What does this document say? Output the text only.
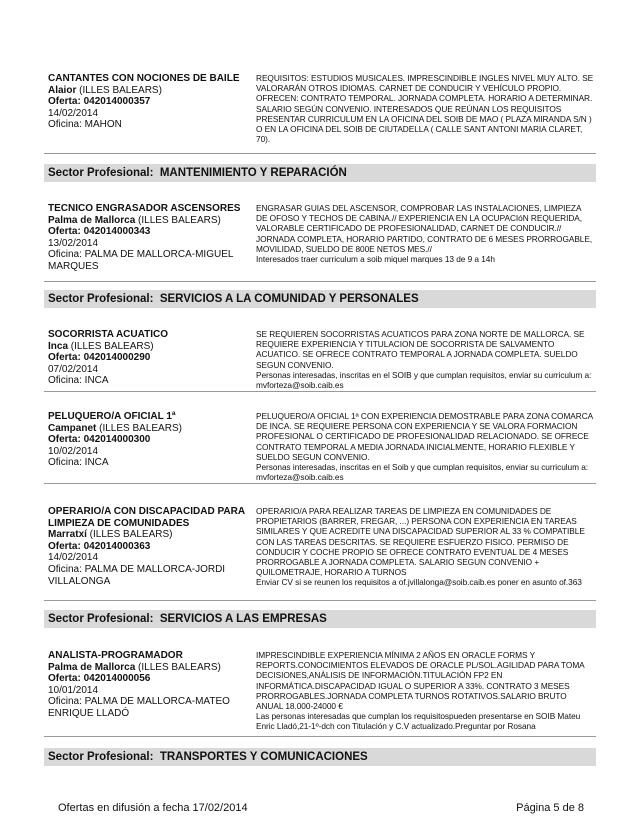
CANTANTES CON NOCIONES DE BAILE
Alaior (ILLES BALEARS)
Oferta: 042014000357
14/02/2014
Oficina: MAHON
REQUISITOS: ESTUDIOS MUSICALES. IMPRESCINDIBLE INGLES NIVEL MUY ALTO. SE VALORARÁN OTROS IDIOMAS. CARNET DE CONDUCIR Y VEHÍCULO PROPIO. OFRECEN: CONTRATO TEMPORAL. JORNADA COMPLETA. HORARIO A DETERMINAR. SALARIO SEGÚN CONVENIO. INTERESADOS QUE REÚNAN LOS REQUISITOS PRESENTAR CURRICULUM EN LA OFICINA DEL SOIB DE MAO ( PLAZA MIRANDA S/N ) O EN LA OFICINA DEL SOIB DE CIUTADELLA ( CALLE SANT ANTONI MARIA CLARET, 70).
Sector Profesional: MANTENIMIENTO Y REPARACIÓN
TECNICO ENGRASADOR ASCENSORES
Palma de Mallorca (ILLES BALEARS)
Oferta: 042014000343
13/02/2014
Oficina: PALMA DE MALLORCA-MIGUEL MARQUES
ENGRASAR GUIAS DEL ASCENSOR, COMPROBAR LAS INSTALACIONES, LIMPIEZA DE OFOSO Y TECHOS DE CABINA.// EXPERIENCIA EN LA OCUPACIóN REQUERIDA, VALORABLE CERTIFICADO DE PROFESIONALIDAD, CARNET DE CONDUCIR.// JORNADA COMPLETA, HORARIO PARTIDO, CONTRATO DE 6 MESES PRORROGABLE, MOVILIDAD, SUELDO DE 800E NETOS MES.//
Interesados traer curriculum a soib miquel marques 13 de 9 a 14h
Sector Profesional: SERVICIOS A LA COMUNIDAD Y PERSONALES
SOCORRISTA ACUATICO
Inca (ILLES BALEARS)
Oferta: 042014000290
07/02/2014
Oficina: INCA
SE REQUIEREN SOCORRISTAS ACUATICOS PARA ZONA NORTE DE MALLORCA. SE REQUIERE EXPERIENCIA Y TITULACION DE SOCORRISTA DE SALVAMENTO ACUATICO. SE OFRECE CONTRATO TEMPORAL A JORNADA COMPLETA. SUELDO SEGUN CONVENIO.
Personas interesadas, inscritas en el SOIB y que cumplan requisitos, enviar su curriculum a: mvforteza@soib.caib.es
PELUQUERO/A OFICIAL 1ª
Campanet (ILLES BALEARS)
Oferta: 042014000300
10/02/2014
Oficina: INCA
PELUQUERO/A OFICIAL 1ª CON EXPERIENCIA DEMOSTRABLE PARA ZONA COMARCA DE INCA. SE REQUIERE PERSONA CON EXPERIENCIA Y SE VALORA FORMACION PROFESIONAL O CERTIFICADO DE PROFESIONALIDAD RELACIONADO. SE OFRECE CONTRATO TEMPORAL A MEDIA JORNADA INICIALMENTE, HORARIO FLEXIBLE Y SUELDO SEGUN CONVENIO.
Personas interesadas, inscritas en el Soib y que cumplan requisitos, enviar su curriculum a: mvforteza@soib.caib.es
OPERARIO/A CON DISCAPACIDAD PARA LIMPIEZA DE COMUNIDADES
Marratxí (ILLES BALEARS)
Oferta: 042014000363
14/02/2014
Oficina: PALMA DE MALLORCA-JORDI VILLALONGA
OPERARIO/A PARA REALIZAR TAREAS DE LIMPIEZA EN COMUNIDADES DE PROPIETARIOS (BARRER, FREGAR, ...) PERSONA CON EXPERIENCIA EN TAREAS SIMILARES Y QUE ACREDITE UNA DISCAPACIDAD SUPERIOR AL 33 % COMPATIBLE CON LAS TAREAS DESCRITAS. SE REQUIERE ESFUERZO FISICO. PERMISO DE CONDUCIR Y COCHE PROPIO SE OFRECE CONTRATO EVENTUAL DE 4 MESES PRORROGABLE A JORNADA COMPLETA. SALARIO SEGUN CONVENIO + QUILOMETRAJE, HORARIO A TURNOS
Enviar CV si se reunen los requisitos a of.jvillalonga@soib.caib.es poner en asunto of.363
Sector Profesional: SERVICIOS A LAS EMPRESAS
ANALISTA-PROGRAMADOR
Palma de Mallorca (ILLES BALEARS)
Oferta: 042014000056
10/01/2014
Oficina: PALMA DE MALLORCA-MATEO ENRIQUE LLADÓ
IMPRESCINDIBLE EXPERIENCIA MÍNIMA 2 AÑOS EN ORACLE FORMS Y REPORTS.CONOCIMIENTOS ELEVADOS DE ORACLE PL/SOL.AGILIDAD PARA TOMA DECISIONES,ANÁLISIS DE INFORMACIÓN.TITULACIÓN FP2 EN INFORMÁTICA.DISCAPACIDAD IGUAL O SUPERIOR A 33%. CONTRATO 3 MESES PRORROGABLES.JORNADA COMPLETA TURNOS ROTATIVOS.SALARIO BRUTO ANUAL 18.000-24000 €
Las personas interesadas que cumplan los requisitospueden presentarse en SOIB Mateu Enric Lladó,21-1º-dch con Titulación y C.V actualizado.Preguntar por Rosana
Sector Profesional: TRANSPORTES Y COMUNICACIONES
Ofertas en difusión a fecha 17/02/2014	Página 5 de 8
